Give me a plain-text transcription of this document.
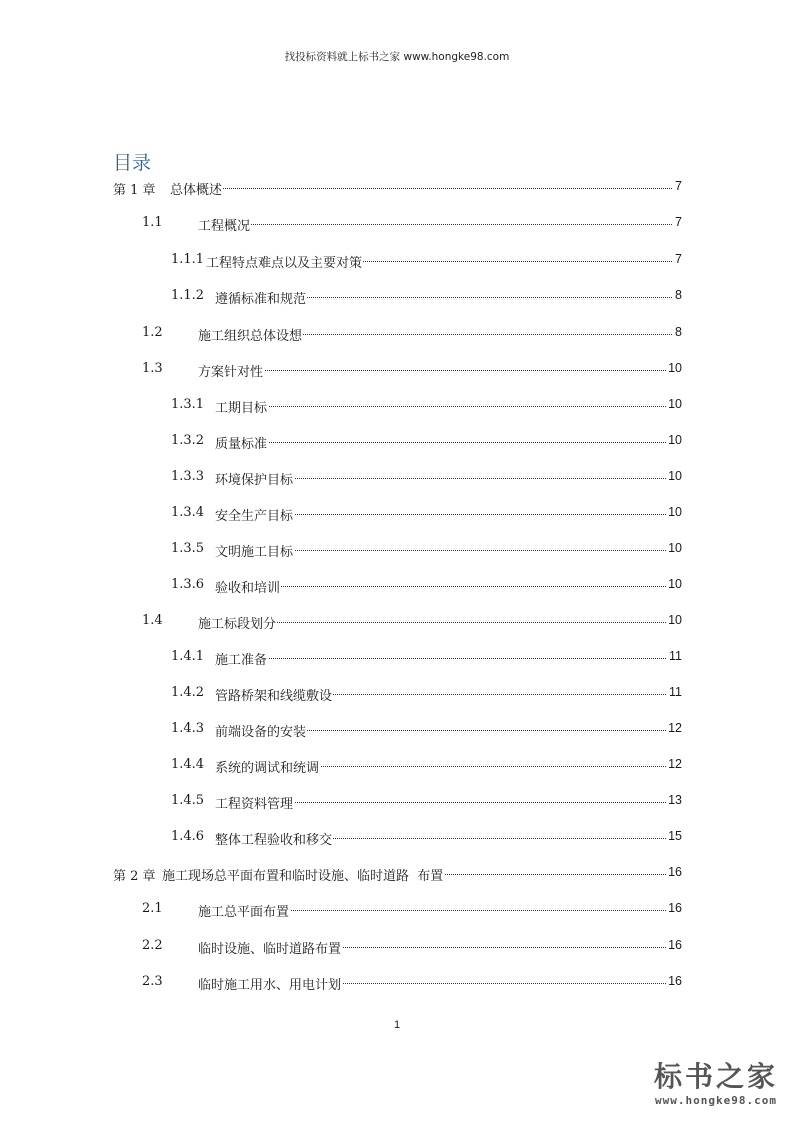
找投标资料就上标书之家 www.hongke98.com
目录
第 1 章 总体概述	7
1.1	工程概况	7
1.1.1 工程特点难点以及主要对策	7
1.1.2 遵循标准和规范	8
1.2	施工组织总体设想	8
1.3	方案针对性	10
1.3.1 工期目标	10
1.3.2 质量标准	10
1.3.3 环境保护目标	10
1.3.4 安全生产目标	10
1.3.5 文明施工目标	10
1.3.6 验收和培训	10
1.4	施工标段划分	10
1.4.1 施工准备	11
1.4.2 管路桥架和线缆敷设	11
1.4.3 前端设备的安装	12
1.4.4 系统的调试和统调	12
1.4.5 工程资料管理	13
1.4.6 整体工程验收和移交	15
第 2 章 施工现场总平面布置和临时设施、临时道路  布置	16
2.1	施工总平面布置	16
2.2	临时设施、临时道路布置	16
2.3	临时施工用水、用电计划	16
1
标书之家
www.hongke98.com
